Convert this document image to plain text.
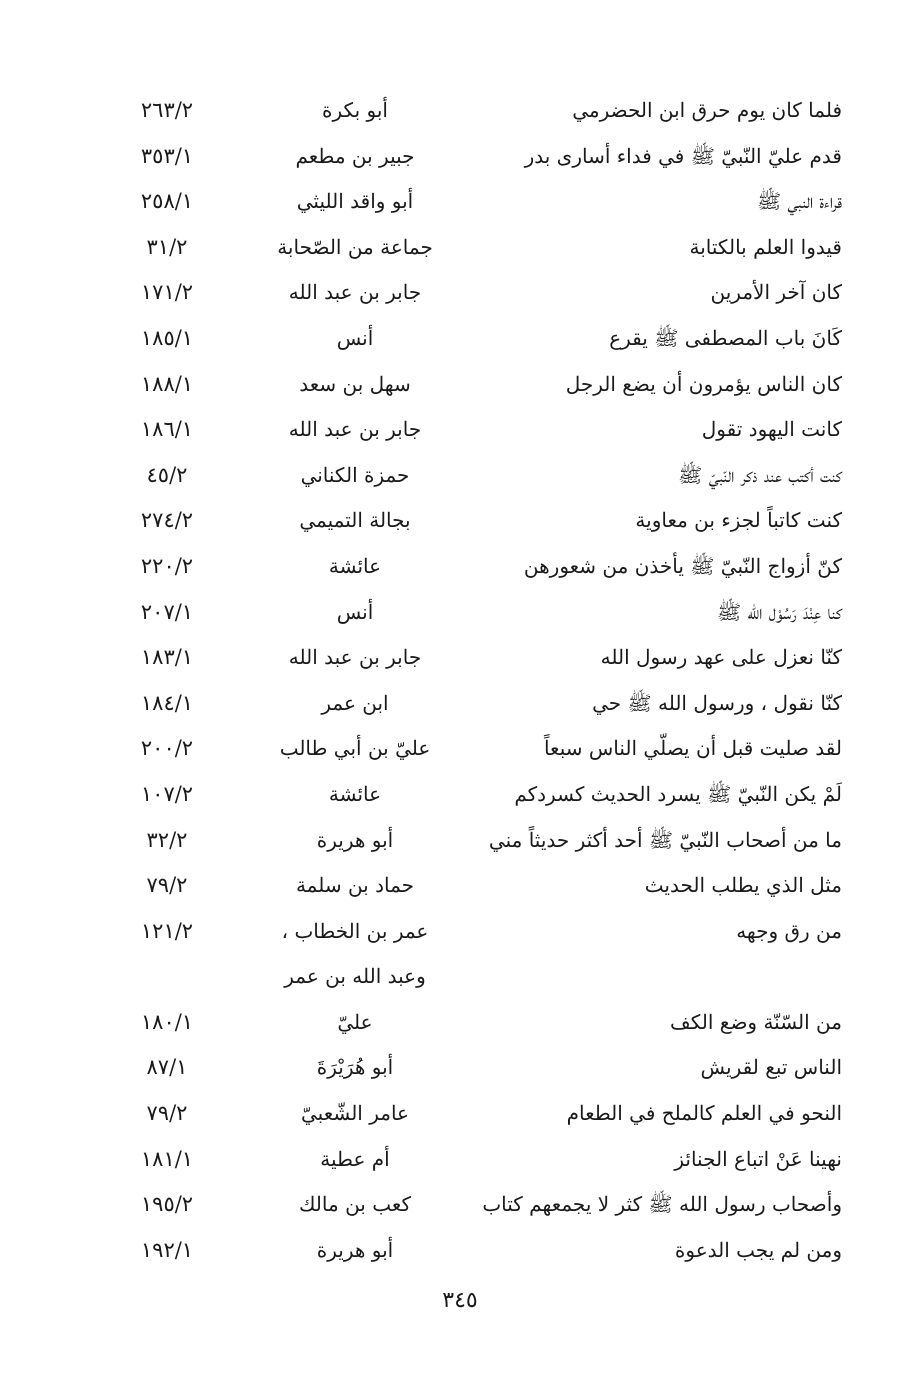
فلما كان يوم حرق ابن الحضرمي
أبو بكرة
٢٦٣/٢
قدم عليّ النّبيّ ﷺ في فداء أسارى بدر
جبير بن مطعم
٣٥٣/١
قراءة النبي ﷺ
أبو واقد الليثي
٢٥٨/١
قيدوا العلم بالكتابة
جماعة من الصّحابة
٣١/٢
كان آخر الأمرين
جابر بن عبد الله
١٧١/٢
كَانَ باب المصطفى ﷺ يقرع
أنس
١٨٥/١
كان الناس يؤمرون أن يضع الرجل
سهل بن سعد
١٨٨/١
كانت اليهود تقول
جابر بن عبد الله
١٨٦/١
كنت أكتب عند ذكر النّبيّ ﷺ
حمزة الكناني
٤٥/٢
كنت كاتباً لجزء بن معاوية
بجالة التميمي
٢٧٤/٢
كنّ أزواج النّبيّ ﷺ يأخذن من شعورهن
عائشة
٢٢٠/٢
كنا عِنْدَ رَسُوْل الله ﷺ
أنس
٢٠٧/١
كنّا نعزل على عهد رسول الله
جابر بن عبد الله
١٨٣/١
كنّا نقول ، ورسول الله ﷺ حي
ابن عمر
١٨٤/١
لقد صليت قبل أن يصلّي الناس سبعاً
عليّ بن أبي طالب
٢٠٠/٢
لَمْ يكن النّبيّ ﷺ يسرد الحديث كسردكم
عائشة
١٠٧/٢
ما من أصحاب النّبيّ ﷺ أحد أكثر حديثاً مني
أبو هريرة
٣٢/٢
مثل الذي يطلب الحديث
حماد بن سلمة
٧٩/٢
من رق وجهه
عمر بن الخطاب ،
١٢١/٢
وعبد الله بن عمر
من السّنّة وضع الكف
عليّ
١٨٠/١
الناس تبع لقريش
أبو هُرَيْرَةَ
٨٧/١
النحو في العلم كالملح في الطعام
عامر الشّعبيّ
٧٩/٢
نهينا عَنْ اتباع الجنائز
أم عطية
١٨١/١
وأصحاب رسول الله ﷺ كثر لا يجمعهم كتاب
كعب بن مالك
١٩٥/٢
ومن لم يجب الدعوة
أبو هريرة
١٩٢/١
٣٤٥
